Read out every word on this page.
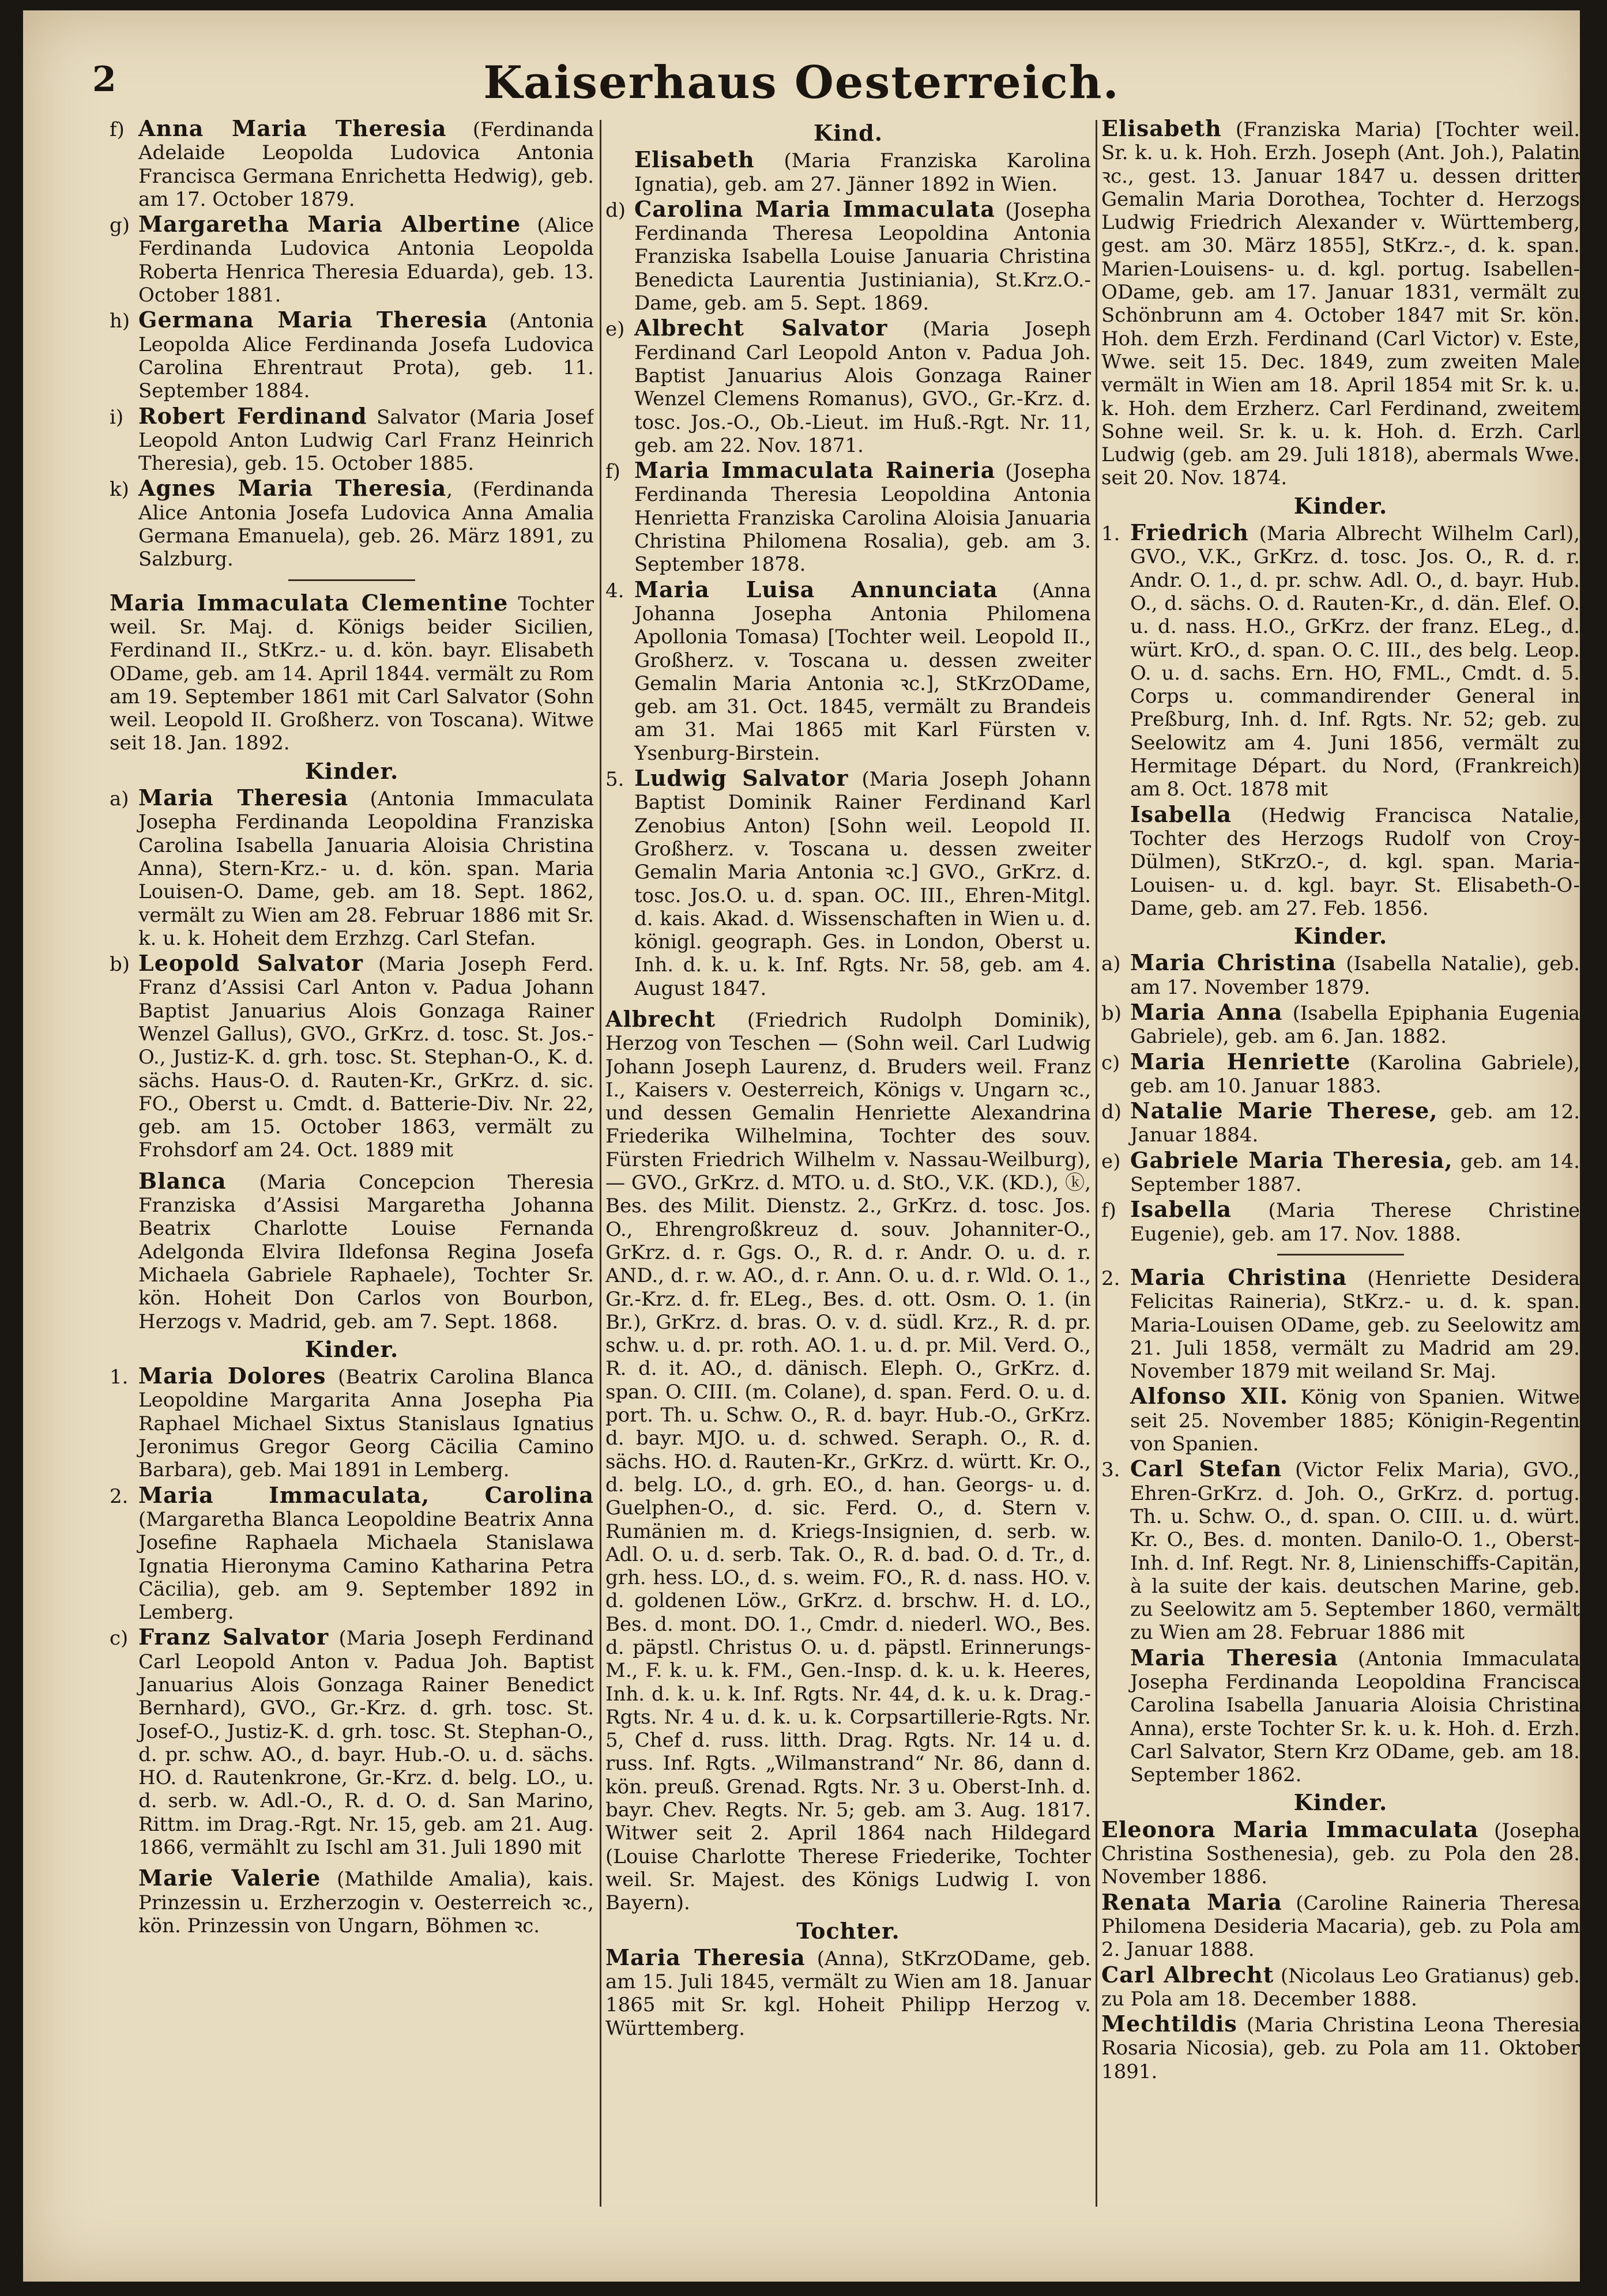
2	Kaiserhaus Oesterreich.
f) Anna Maria Theresia (Ferdinanda Adelaide Leopolda Ludovica Antonia Francisca Germana Enrichetta Hedwig), geb. am 17. October 1879.
g) Margaretha Maria Albertine (Alice Ferdinanda Ludovica Antonia Leopolda Roberta Henrica Theresia Eduarda), geb. 13. October 1881.
h) Germana Maria Theresia (Antonia Leopolda Alice Ferdinanda Josefa Ludovica Carolina Ehrentraut Prota), geb. 11. September 1884.
i) Robert Ferdinand Salvator (Maria Josef Leopold Anton Ludwig Carl Franz Heinrich Theresia), geb. 15. October 1885.
k) Agnes Maria Theresia, (Ferdinanda Alice Antonia Josefa Ludovica Anna Amalia Germana Emanuela), geb. 26. März 1891, zu Salzburg.
Maria Immaculata Clementine Tochter weil. Sr. Maj. d. Königs beider Sicilien, Ferdinand II., StKrz.- u. d. kön. bayr. Elisabeth ODame, geb. am 14. April 1844. vermält zu Rom am 19. September 1861 mit Carl Salvator (Sohn weil. Leopold II. Großherz. von Toscana). Witwe seit 18. Jan. 1892.
Kinder.
a) Maria Theresia (Antonia Immaculata Josepha Ferdinanda Leopoldina Franziska Carolina Isabella Januaria Aloisia Christina Anna), Stern-Krz.- u. d. kön. span. Maria Louisen-O. Dame, geb. am 18. Sept. 1862, vermält zu Wien am 28. Februar 1886 mit Sr. k. u. k. Hoheit dem Erzhzg. Carl Stefan.
b) Leopold Salvator (Maria Joseph Ferd. Franz d’Assisi Carl Anton v. Padua Johann Baptist Januarius Alois Gonzaga Rainer Wenzel Gallus), GVO., GrKrz. d. tosc. St. Jos.-O., Justiz-K. d. grh. tosc. St. Stephan-O., K. d. sächs. Haus-O. d. Rauten-Kr., GrKrz. d. sic. FO., Oberst u. Cmdt. d. Batterie-Div. Nr. 22, geb. am 15. October 1863, vermält zu Frohsdorf am 24. Oct. 1889 mit
Blanca (Maria Concepcion Theresia Franziska d’Assisi Margaretha Johanna Beatrix Charlotte Louise Fernanda Adelgonda Elvira Ildefonsa Regina Josefa Michaela Gabriele Raphaele), Tochter Sr. kön. Hoheit Don Carlos von Bourbon, Herzogs v. Madrid, geb. am 7. Sept. 1868.
Kinder.
1. Maria Dolores (Beatrix Carolina Blanca Leopoldine Margarita Anna Josepha Pia Raphael Michael Sixtus Stanislaus Ignatius Jeronimus Gregor Georg Cäcilia Camino Barbara), geb. Mai 1891 in Lemberg.
2. Maria Immaculata, Carolina (Margaretha Blanca Leopoldine Beatrix Anna Josefine Raphaela Michaela Stanislawa Ignatia Hieronyma Camino Katharina Petra Cäcilia), geb. am 9. September 1892 in Lemberg.
c) Franz Salvator (Maria Joseph Ferdinand Carl Leopold Anton v. Padua Joh. Baptist Januarius Alois Gonzaga Rainer Benedict Bernhard), GVO., Gr.-Krz. d. grh. tosc. St. Josef-O., Justiz-K. d. grh. tosc. St. Stephan-O., d. pr. schw. AO., d. bayr. Hub.-O. u. d. sächs. HO. d. Rautenkrone, Gr.-Krz. d. belg. LO., u. d. serb. w. Adl.-O., R. d. O. d. San Marino, Rittm. im Drag.-Rgt. Nr. 15, geb. am 21. Aug. 1866, vermählt zu Ischl am 31. Juli 1890 mit
Marie Valerie (Mathilde Amalia), kais. Prinzessin u. Erzherzogin v. Oesterreich ꝛc., kön. Prinzessin von Ungarn, Böhmen ꝛc.
Kind.
Elisabeth (Maria Franziska Karolina Ignatia), geb. am 27. Jänner 1892 in Wien.
d) Carolina Maria Immaculata (Josepha Ferdinanda Theresa Leopoldina Antonia Franziska Isabella Louise Januaria Christina Benedicta Laurentia Justiniania), St.Krz.O.-Dame, geb. am 5. Sept. 1869.
e) Albrecht Salvator (Maria Joseph Ferdinand Carl Leopold Anton v. Padua Joh. Baptist Januarius Alois Gonzaga Rainer Wenzel Clemens Romanus), GVO., Gr.-Krz. d. tosc. Jos.-O., Ob.-Lieut. im Huß.-Rgt. Nr. 11, geb. am 22. Nov. 1871.
f) Maria Immaculata Raineria (Josepha Ferdinanda Theresia Leopoldina Antonia Henrietta Franziska Carolina Aloisia Januaria Christina Philomena Rosalia), geb. am 3. September 1878.
4. Maria Luisa Annunciata (Anna Johanna Josepha Antonia Philomena Apollonia Tomasa) [Tochter weil. Leopold II., Großherz. v. Toscana u. dessen zweiter Gemalin Maria Antonia ꝛc.], StKrzODame, geb. am 31. Oct. 1845, vermält zu Brandeis am 31. Mai 1865 mit Karl Fürsten v. Ysenburg-Birstein.
5. Ludwig Salvator (Maria Joseph Johann Baptist Dominik Rainer Ferdinand Karl Zenobius Anton) [Sohn weil. Leopold II. Großherz. v. Toscana u. dessen zweiter Gemalin Maria Antonia ꝛc.] GVO., GrKrz. d. tosc. Jos.O. u. d. span. OC. III., Ehren-Mitgl. d. kais. Akad. d. Wissenschaften in Wien u. d. königl. geograph. Ges. in London, Oberst u. Inh. d. k. u. k. Inf. Rgts. Nr. 58, geb. am 4. August 1847.
Albrecht (Friedrich Rudolph Dominik), Herzog von Teschen — (Sohn weil. Carl Ludwig Johann Joseph Laurenz, d. Bruders weil. Franz I., Kaisers v. Oesterreich, Königs v. Ungarn ꝛc., und dessen Gemalin Henriette Alexandrina Friederika Wilhelmina, Tochter des souv. Fürsten Friedrich Wilhelm v. Nassau-Weilburg), — GVO., GrKrz. d. MTO. u. d. StO., V.K. (KD.), ⓚ, Bes. des Milit. Dienstz. 2., GrKrz. d. tosc. Jos. O., Ehrengroßkreuz d. souv. Johanniter-O., GrKrz. d. r. Ggs. O., R. d. r. Andr. O. u. d. r. AND., d. r. w. AO., d. r. Ann. O. u. d. r. Wld. O. 1., Gr.-Krz. d. fr. ELeg., Bes. d. ott. Osm. O. 1. (in Br.), GrKrz. d. bras. O. v. d. südl. Krz., R. d. pr. schw. u. d. pr. roth. AO. 1. u. d. pr. Mil. Verd. O., R. d. it. AO., d. dänisch. Eleph. O., GrKrz. d. span. O. CIII. (m. Colane), d. span. Ferd. O. u. d. port. Th. u. Schw. O., R. d. bayr. Hub.-O., GrKrz. d. bayr. MJO. u. d. schwed. Seraph. O., R. d. sächs. HO. d. Rauten-Kr., GrKrz. d. württ. Kr. O., d. belg. LO., d. grh. EO., d. han. Georgs- u. d. Guelphen-O., d. sic. Ferd. O., d. Stern v. Rumänien m. d. Kriegs-Insignien, d. serb. w. Adl. O. u. d. serb. Tak. O., R. d. bad. O. d. Tr., d. grh. hess. LO., d. s. weim. FO., R. d. nass. HO. v. d. goldenen Löw., GrKrz. d. brschw. H. d. LO., Bes. d. mont. DO. 1., Cmdr. d. niederl. WO., Bes. d. päpstl. Christus O. u. d. päpstl. Erinnerungs-M., F. k. u. k. FM., Gen.-Insp. d. k. u. k. Heeres, Inh. d. k. u. k. Inf. Rgts. Nr. 44, d. k. u. k. Drag.-Rgts. Nr. 4 u. d. k. u. k. Corpsartillerie-Rgts. Nr. 5, Chef d. russ. litth. Drag. Rgts. Nr. 14 u. d. russ. Inf. Rgts. „Wilmanstrand“ Nr. 86, dann d. kön. preuß. Grenad. Rgts. Nr. 3 u. Oberst-Inh. d. bayr. Chev. Regts. Nr. 5; geb. am 3. Aug. 1817. Witwer seit 2. April 1864 nach Hildegard (Louise Charlotte Therese Friederike, Tochter weil. Sr. Majest. des Königs Ludwig I. von Bayern).
Tochter.
Maria Theresia (Anna), StKrzODame, geb. am 15. Juli 1845, vermält zu Wien am 18. Januar 1865 mit Sr. kgl. Hoheit Philipp Herzog v. Württemberg.
Elisabeth (Franziska Maria) [Tochter weil. Sr. k. u. k. Hoh. Erzh. Joseph (Ant. Joh.), Palatin ꝛc., gest. 13. Januar 1847 u. dessen dritter Gemalin Maria Dorothea, Tochter d. Herzogs Ludwig Friedrich Alexander v. Württemberg, gest. am 30. März 1855], StKrz.-, d. k. span. Marien-Louisens- u. d. kgl. portug. Isabellen-ODame, geb. am 17. Januar 1831, vermält zu Schönbrunn am 4. October 1847 mit Sr. kön. Hoh. dem Erzh. Ferdinand (Carl Victor) v. Este, Wwe. seit 15. Dec. 1849, zum zweiten Male vermält in Wien am 18. April 1854 mit Sr. k. u. k. Hoh. dem Erzherz. Carl Ferdinand, zweitem Sohne weil. Sr. k. u. k. Hoh. d. Erzh. Carl Ludwig (geb. am 29. Juli 1818), abermals Wwe. seit 20. Nov. 1874.
Kinder.
1. Friedrich (Maria Albrecht Wilhelm Carl), GVO., V.K., GrKrz. d. tosc. Jos. O., R. d. r. Andr. O. 1., d. pr. schw. Adl. O., d. bayr. Hub. O., d. sächs. O. d. Rauten-Kr., d. dän. Elef. O. u. d. nass. H.O., GrKrz. der franz. ELeg., d. würt. KrO., d. span. O. C. III., des belg. Leop. O. u. d. sachs. Ern. HO, FML., Cmdt. d. 5. Corps u. commandirender General in Preßburg, Inh. d. Inf. Rgts. Nr. 52; geb. zu Seelowitz am 4. Juni 1856, vermält zu Hermitage Départ. du Nord, (Frankreich) am 8. Oct. 1878 mit
Isabella (Hedwig Francisca Natalie, Tochter des Herzogs Rudolf von Croy-Dülmen), StKrzO.-, d. kgl. span. Maria-Louisen- u. d. kgl. bayr. St. Elisabeth-O-Dame, geb. am 27. Feb. 1856.
Kinder.
a) Maria Christina (Isabella Natalie), geb. am 17. November 1879.
b) Maria Anna (Isabella Epiphania Eugenia Gabriele), geb. am 6. Jan. 1882.
c) Maria Henriette (Karolina Gabriele), geb. am 10. Januar 1883.
d) Natalie Marie Therese, geb. am 12. Januar 1884.
e) Gabriele Maria Theresia, geb. am 14. September 1887.
f) Isabella (Maria Therese Christine Eugenie), geb. am 17. Nov. 1888.
2. Maria Christina (Henriette Desidera Felicitas Raineria), StKrz.- u. d. k. span. Maria-Louisen ODame, geb. zu Seelowitz am 21. Juli 1858, vermält zu Madrid am 29. November 1879 mit weiland Sr. Maj.
Alfonso XII. König von Spanien. Witwe seit 25. November 1885; Königin-Regentin von Spanien.
3. Carl Stefan (Victor Felix Maria), GVO., Ehren-GrKrz. d. Joh. O., GrKrz. d. portug. Th. u. Schw. O., d. span. O. CIII. u. d. würt. Kr. O., Bes. d. monten. Danilo-O. 1., Oberst-Inh. d. Inf. Regt. Nr. 8, Linienschiffs-Capitän, à la suite der kais. deutschen Marine, geb. zu Seelowitz am 5. September 1860, vermält zu Wien am 28. Februar 1886 mit
Maria Theresia (Antonia Immaculata Josepha Ferdinanda Leopoldina Francisca Carolina Isabella Januaria Aloisia Christina Anna), erste Tochter Sr. k. u. k. Hoh. d. Erzh. Carl Salvator, Stern Krz ODame, geb. am 18. September 1862.
Kinder.
Eleonora Maria Immaculata (Josepha Christina Sosthenesia), geb. zu Pola den 28. November 1886.
Renata Maria (Caroline Raineria Theresa Philomena Desideria Macaria), geb. zu Pola am 2. Januar 1888.
Carl Albrecht (Nicolaus Leo Gratianus) geb. zu Pola am 18. December 1888.
Mechtildis (Maria Christina Leona Theresia Rosaria Nicosia), geb. zu Pola am 11. Oktober 1891.
